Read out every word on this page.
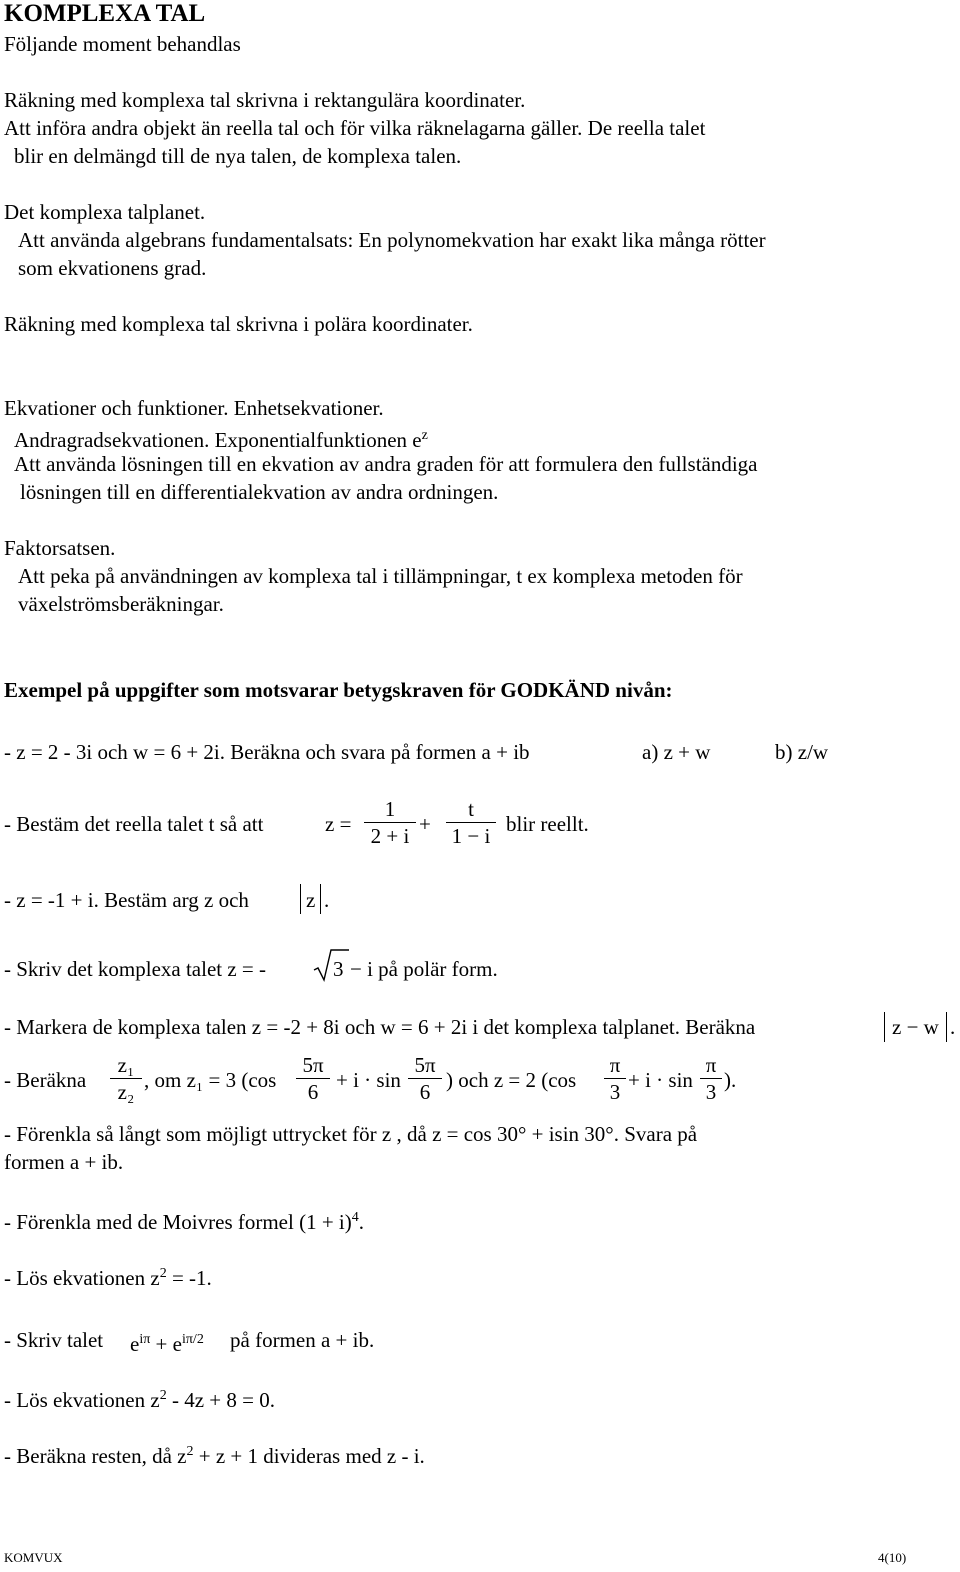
KOMPLEXA TAL
Följande moment behandlas
Räkning med komplexa tal skrivna i rektangulära koordinater.
Att införa andra objekt än reella tal och för vilka räknelagarna gäller. De reella talet
blir en delmängd till de nya talen, de komplexa talen.
Det komplexa talplanet.
Att använda algebrans fundamentalsats: En polynomekvation har exakt lika många rötter
som ekvationens grad.
Räkning med komplexa tal skrivna i polära koordinater.
Ekvationer och funktioner. Enhetsekvationer.
Andragradsekvationen. Exponentialfunktionen $e^z$
Att använda lösningen till en ekvation av andra graden för att formulera den fullständiga
lösningen till en differentialekvation av andra ordningen.
Faktorsatsen.
Att peka på användningen av komplexa tal i tillämpningar, t ex komplexa metoden för
växelströmsberäkningar.
Exempel på uppgifter som motsvarar betygskraven för GODKÄND nivån:
- z = 2 - 3i och w = 6 + 2i. Beräkna och svara på formen a + ib	a) z + w	b) z/w
- Bestäm det reella talet t så att	z =
1
2 + i +
t
1 − i blir reellt.
- z = -1 + i. Bestäm arg z och	z .
- Skriv det komplexa talet z = -	3 − i på polär form.
- Markera de komplexa talen z = -2 + 8i och w = 6 + 2i i det komplexa talplanet. Beräkna	z − w .
- Beräkna
z₁
z₂ , om z₁ = 3 (cos
5π
6 + i · sin
5π
6 ) och z = 2 (cos
π
3 + i · sin
π
3 ).
- Förenkla så långt som möjligt uttrycket för z , då z = cos 30° + isin 30°. Svara på
formen a + ib.
- Förenkla med de Moivres formel $(1 + i)^4$.
- Lös ekvationen $z^2 = -1$.
- Skriv talet $e^{i\pi} + e^{i\pi/2}$ på formen a + ib.
- Lös ekvationen $z^2 - 4z + 8 = 0$.
- Beräkna resten, då $z^2 + z + 1$ divideras med z - i.
KOMVUX	4(10)
